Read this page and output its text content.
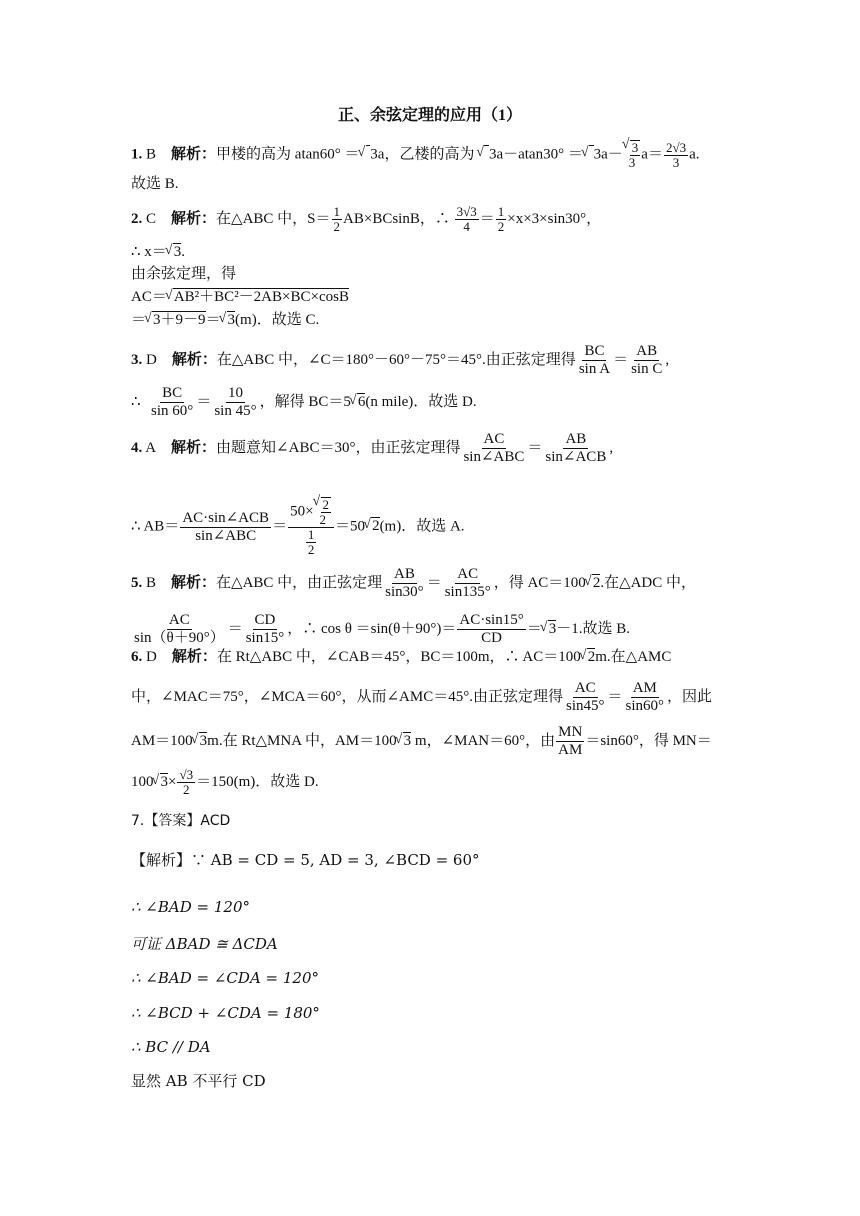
正、余弦定理的应用（1）
1. B 解析：甲楼的高为 atan60° ＝√ 3a，乙楼的高为 √ 3a－atan30° ＝√ 3a－
√ $\frac{3}{3} a= \frac{2√3}{3} a$.
故选 B.
2. C 解析：在△ABC 中，$S= \frac{1}{2} AB\times BCsinB$，∴ $\frac{3√3}{4} = \frac{1}{2} \times x\times 3\times\sin 30^\circ$，
∴ x＝√ 3.
由余弦定理，得
AC＝√ AB²＋BC²－2AB×BC×cosB
＝√ 3＋9－9＝√ 3(m)．故选 C.
3. D 解析：在△ABC 中，∠C＝180°－60°－75°＝45°.由正弦定理得 $\frac{BC}{\text{sin A}} = \frac{AB}{\text{sin C}}$ ,
∴ $\frac{BC}{\sin 60^\circ} = \frac{10}{\sin 45^\circ}$ ，解得 BC＝5√ 6(n mile)．故选 D.
4. A 解析：由题意知∠ABC＝30°，由正弦定理得
AC
sin∠ABC
＝
AB
sin∠ACB
,
∴ AB＝
AC·sin∠ACB
sin∠ABC
＝ 50×
√ $\frac{2}{2}$
$\frac{1}{2} =50√$ 2(m)．故选 A.
5. B 解析：在△ABC 中，由正弦定理 $\frac{AB}{\sin 30^\circ} = \frac{AC}{\sin 135^\circ}$ ，得 AC＝100√ 2.在△ADC 中，
$\frac{AC}{\sin(\theta+90^\circ)} = \frac{CD}{\sin 15^\circ}$ ，∴ $\cos \theta =\sin(\theta+90^\circ)= \frac{AC\cdot\sin 15^\circ}{CD}$ ＝√ 3－1.故选 B.
6. D 解析：在 Rt△ABC 中，∠CAB＝45°，BC＝100m，∴ AC＝100√ 2m.在△AMC
中，∠MAC＝75°，∠MCA＝60°，从而∠AMC＝45°.由正弦定理得 $\frac{AC}{\sin 45^\circ} = \frac{AM}{\sin 60^\circ}$ ，因此
AM＝100√ 3m.在 Rt△MNA 中，AM＝100√ 3 m，∠MAN＝60°，由 $\frac{MN}{AM} =\sin 60^\circ$，得 MN＝
100√ $3\times \frac{√3}{2} =150(m)$．故选 D.
7.【答案】ACD
【解析】∵ AB = CD = 5, AD = 3, ∠BCD = 60°
∴ ∠BAD = 120°
可证 ΔBAD ≅ ΔCDA
∴ ∠BAD = ∠CDA = 120°
∴ ∠BCD + ∠CDA = 180°
∴ BC // DA
显然 AB 不平行 CD
